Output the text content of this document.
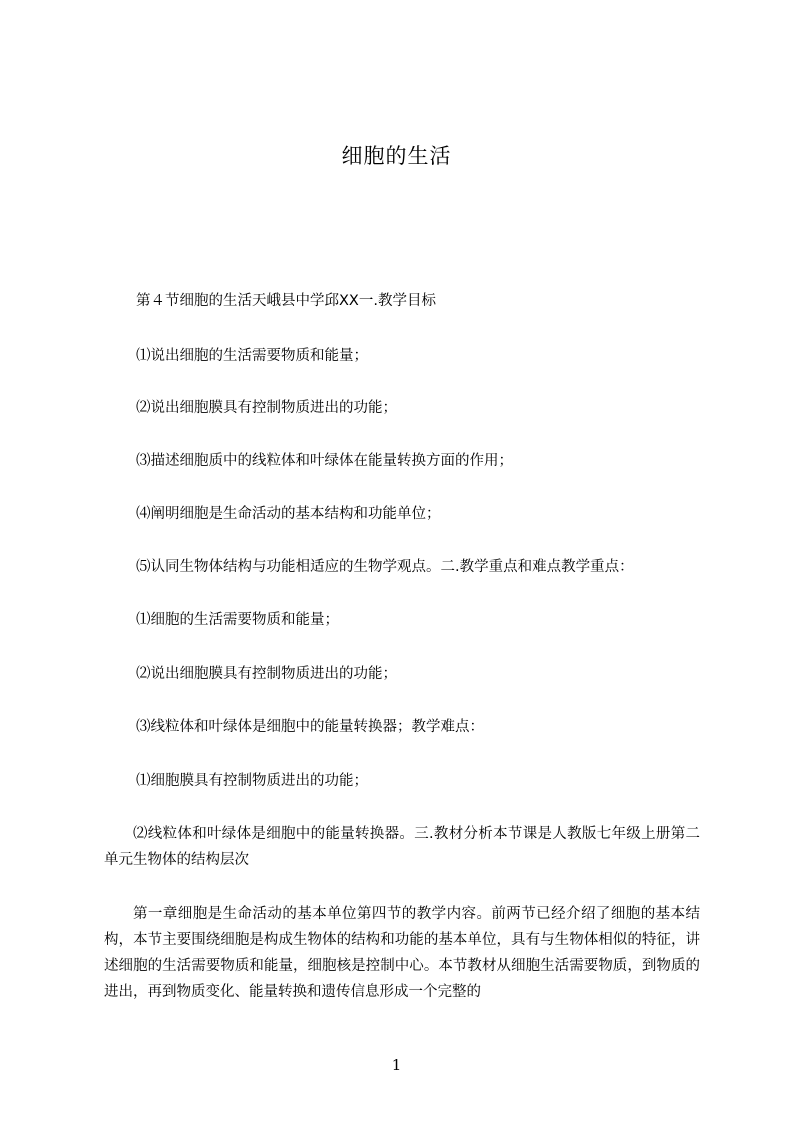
细胞的生活

第４节细胞的生活天峨县中学邱XX一.教学目标

⑴说出细胞的生活需要物质和能量；

⑵说出细胞膜具有控制物质进出的功能；

⑶描述细胞质中的线粒体和叶绿体在能量转换方面的作用；

⑷阐明细胞是生命活动的基本结构和功能单位；

⑸认同生物体结构与功能相适应的生物学观点。二.教学重点和难点教学重点：

⑴细胞的生活需要物质和能量；

⑵说出细胞膜具有控制物质进出的功能；

⑶线粒体和叶绿体是细胞中的能量转换器；教学难点：

⑴细胞膜具有控制物质进出的功能；

⑵线粒体和叶绿体是细胞中的能量转换器。三.教材分析本节课是人教版七年级上册第二单元生物体的结构层次

第一章细胞是生命活动的基本单位第四节的教学内容。前两节已经介绍了细胞的基本结构，本节主要围绕细胞是构成生物体的结构和功能的基本单位，具有与生物体相似的特征，讲述细胞的生活需要物质和能量，细胞核是控制中心。本节教材从细胞生活需要物质，到物质的进出，再到物质变化、能量转换和遗传信息形成一个完整的

1
